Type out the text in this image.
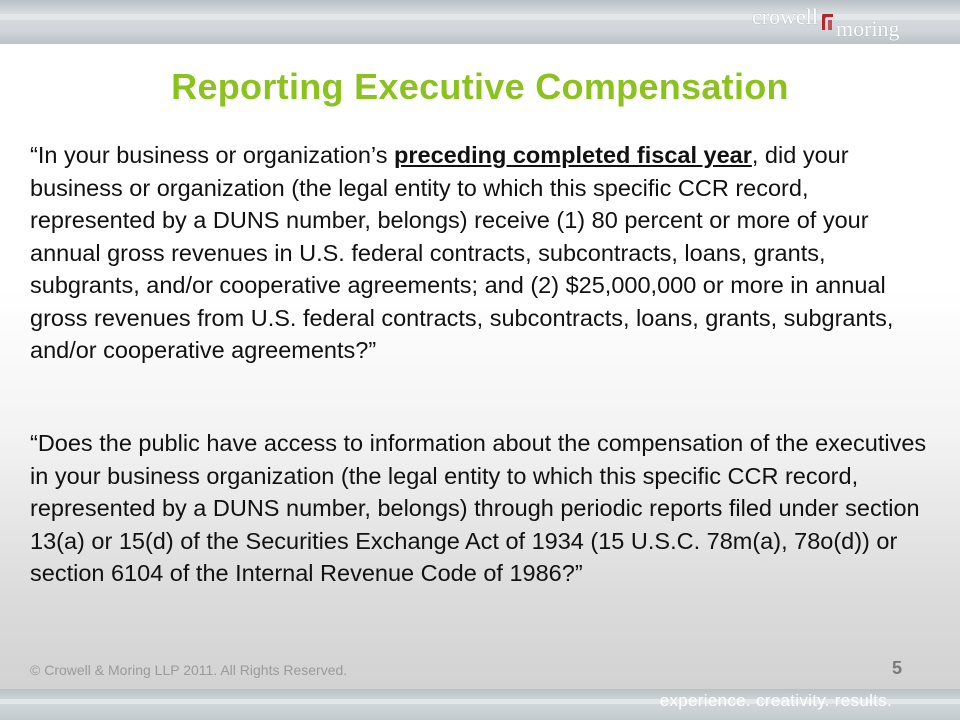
crowell moring
Reporting Executive Compensation
“In your business or organization’s preceding completed fiscal year, did your business or organization (the legal entity to which this specific CCR record, represented by a DUNS number, belongs) receive (1) 80 percent or more of your annual gross revenues in U.S. federal contracts, subcontracts, loans, grants, subgrants, and/or cooperative agreements; and (2) $25,000,000 or more in annual gross revenues from U.S. federal contracts, subcontracts, loans, grants, subgrants, and/or cooperative agreements?”
“Does the public have access to information about the compensation of the executives in your business organization (the legal entity to which this specific CCR record, represented by a DUNS number, belongs) through periodic reports filed under section 13(a) or 15(d) of the Securities Exchange Act of 1934 (15 U.S.C. 78m(a), 78o(d)) or section 6104 of the Internal Revenue Code of 1986?”
© Crowell & Moring LLP 2011. All Rights Reserved.	5
experience. creativity. results.
